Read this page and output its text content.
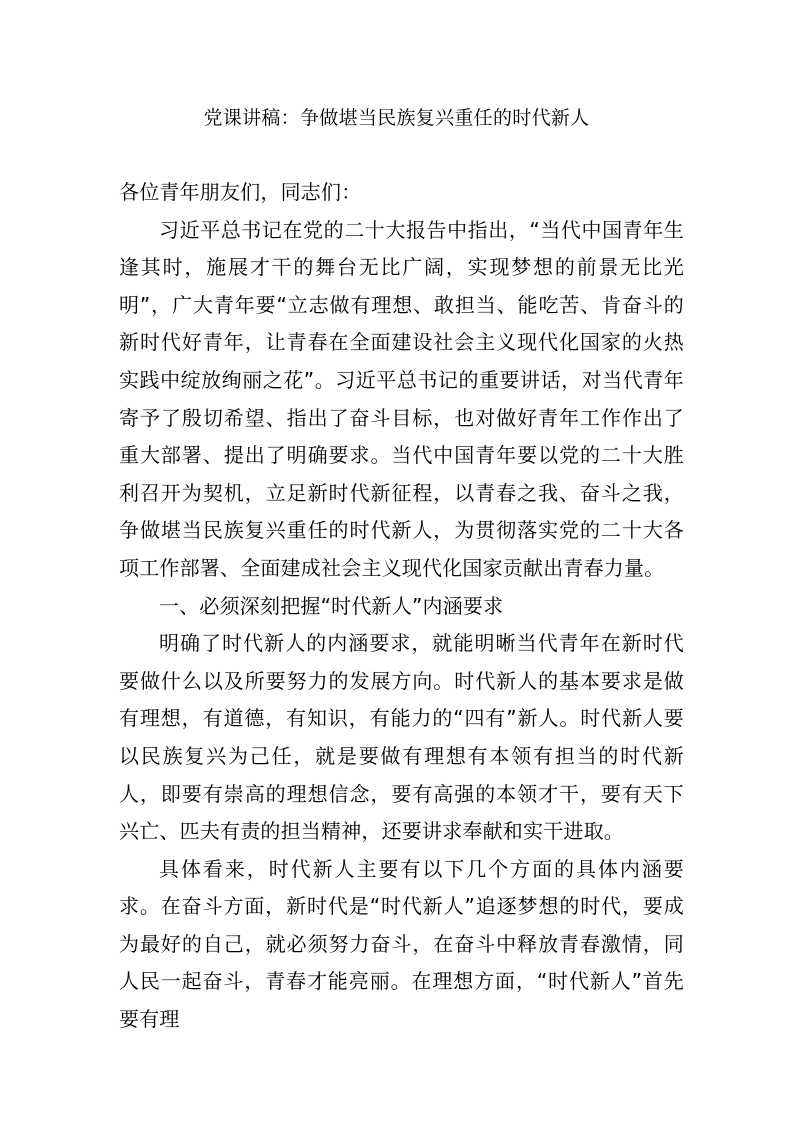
党课讲稿：争做堪当民族复兴重任的时代新人

各位青年朋友们，同志们：

习近平总书记在党的二十大报告中指出，“当代中国青年生逢其时，施展才干的舞台无比广阔，实现梦想的前景无比光明”，广大青年要“立志做有理想、敢担当、能吃苦、肯奋斗的新时代好青年，让青春在全面建设社会主义现代化国家的火热实践中绽放绚丽之花”。习近平总书记的重要讲话，对当代青年寄予了殷切希望、指出了奋斗目标，也对做好青年工作作出了重大部署、提出了明确要求。当代中国青年要以党的二十大胜利召开为契机，立足新时代新征程，以青春之我、奋斗之我，争做堪当民族复兴重任的时代新人，为贯彻落实党的二十大各项工作部署、全面建成社会主义现代化国家贡献出青春力量。

一、必须深刻把握“时代新人”内涵要求

明确了时代新人的内涵要求，就能明晰当代青年在新时代要做什么以及所要努力的发展方向。时代新人的基本要求是做有理想，有道德，有知识，有能力的“四有”新人。时代新人要以民族复兴为己任，就是要做有理想有本领有担当的时代新人，即要有崇高的理想信念，要有高强的本领才干，要有天下兴亡、匹夫有责的担当精神，还要讲求奉献和实干进取。

具体看来，时代新人主要有以下几个方面的具体内涵要求。在奋斗方面，新时代是“时代新人”追逐梦想的时代，要成为最好的自己，就必须努力奋斗，在奋斗中释放青春激情，同人民一起奋斗，青春才能亮丽。在理想方面，“时代新人”首先要有理
